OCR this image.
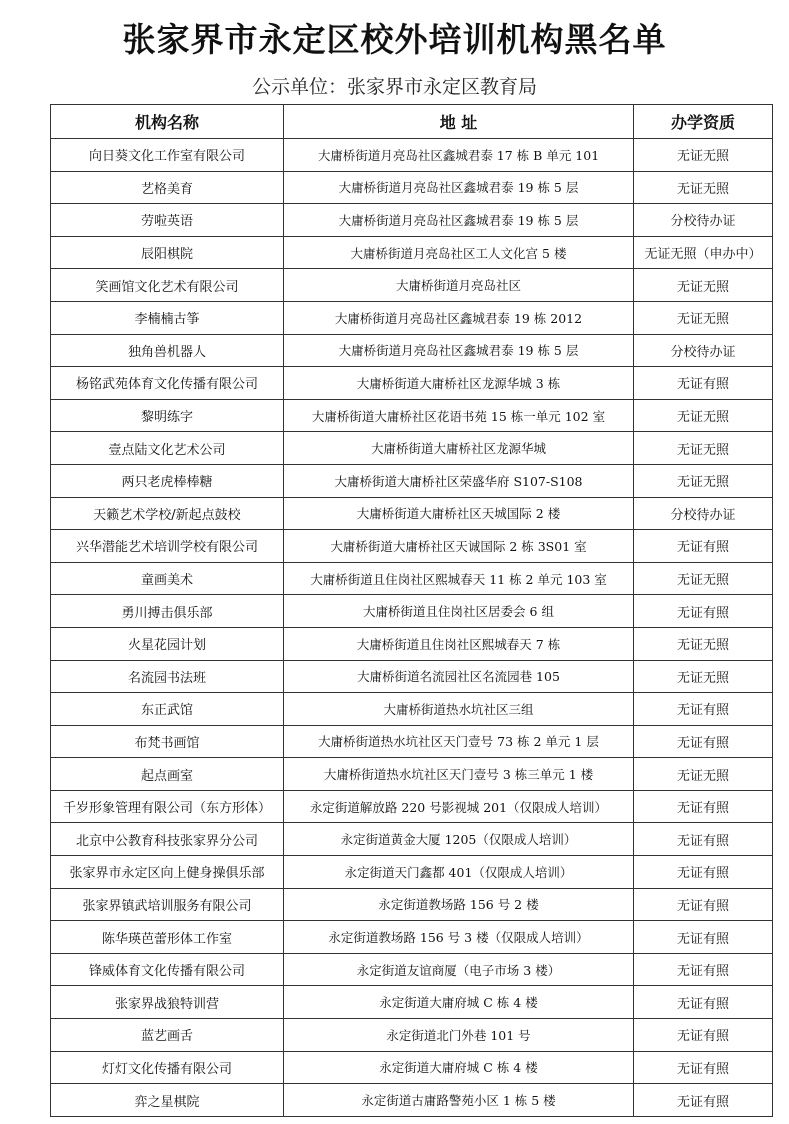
张家界市永定区校外培训机构黑名单
公示单位：张家界市永定区教育局
机构名称	地 址	办学资质
向日葵文化工作室有限公司	大庸桥街道月亮岛社区鑫城君泰 17 栋 B 单元 101	无证无照
艺格美育	大庸桥街道月亮岛社区鑫城君泰 19 栋 5 层	无证无照
劳啦英语	大庸桥街道月亮岛社区鑫城君泰 19 栋 5 层	分校待办证
辰阳棋院	大庸桥街道月亮岛社区工人文化宫 5 楼	无证无照（申办中）
笑画馆文化艺术有限公司	大庸桥街道月亮岛社区	无证无照
李楠楠古筝	大庸桥街道月亮岛社区鑫城君泰 19 栋 2012	无证无照
独角兽机器人	大庸桥街道月亮岛社区鑫城君泰 19 栋 5 层	分校待办证
杨铭武苑体育文化传播有限公司	大庸桥街道大庸桥社区龙源华城 3 栋	无证有照
黎明练字	大庸桥街道大庸桥社区花语书苑 15 栋一单元 102 室	无证无照
壹点陆文化艺术公司	大庸桥街道大庸桥社区龙源华城	无证无照
两只老虎棒棒糖	大庸桥街道大庸桥社区荣盛华府 S107-S108	无证无照
天籁艺术学校/新起点鼓校	大庸桥街道大庸桥社区天城国际 2 楼	分校待办证
兴华潜能艺术培训学校有限公司	大庸桥街道大庸桥社区天诚国际 2 栋 3S01 室	无证有照
童画美术	大庸桥街道且住岗社区熙城春天 11 栋 2 单元 103 室	无证无照
勇川搏击俱乐部	大庸桥街道且住岗社区居委会 6 组	无证有照
火星花园计划	大庸桥街道且住岗社区熙城春天 7 栋	无证无照
名流园书法班	大庸桥街道名流园社区名流园巷 105	无证无照
东正武馆	大庸桥街道热水坑社区三组	无证有照
布梵书画馆	大庸桥街道热水坑社区天门壹号 73 栋 2 单元 1 层	无证有照
起点画室	大庸桥街道热水坑社区天门壹号 3 栋三单元 1 楼	无证无照
千岁形象管理有限公司（东方形体）	永定街道解放路 220 号影视城 201（仅限成人培训）	无证有照
北京中公教育科技张家界分公司	永定街道黄金大厦 1205（仅限成人培训）	无证有照
张家界市永定区向上健身操俱乐部	永定街道天门鑫都 401（仅限成人培训）	无证有照
张家界镇武培训服务有限公司	永定街道教场路 156 号 2 楼	无证有照
陈华瑛芭蕾形体工作室	永定街道教场路 156 号 3 楼（仅限成人培训）	无证有照
锋威体育文化传播有限公司	永定街道友谊商厦（电子市场 3 楼）	无证有照
张家界战狼特训营	永定街道大庸府城 C 栋 4 楼	无证有照
蓝艺画舌	永定街道北门外巷 101 号	无证有照
灯灯文化传播有限公司	永定街道大庸府城 C 栋 4 楼	无证有照
弈之星棋院	永定街道古庸路警苑小区 1 栋 5 楼	无证有照
